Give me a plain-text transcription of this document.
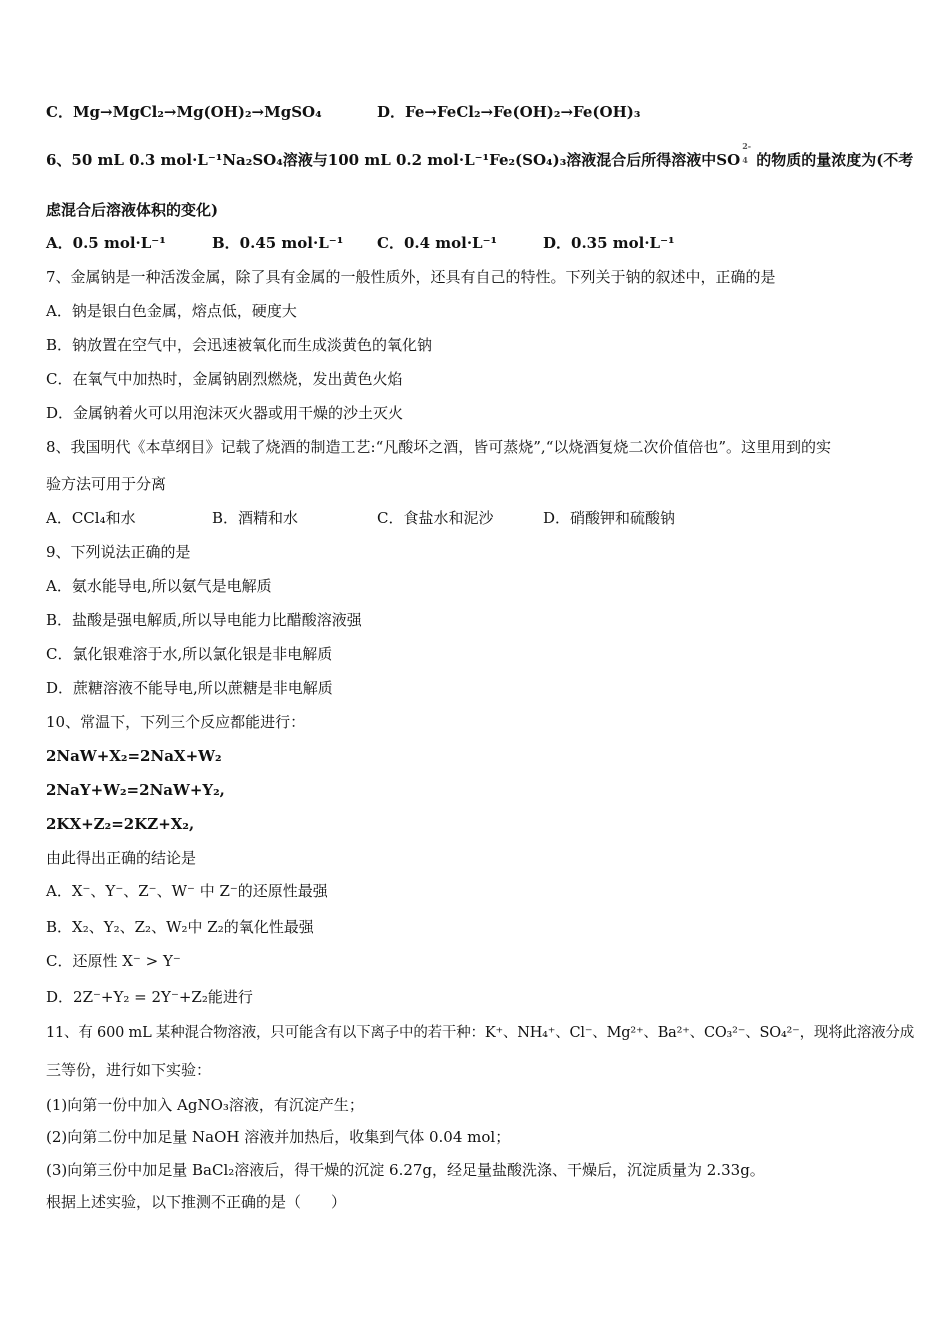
C．Mg→MgCl₂→Mg(OH)₂→MgSO₄	D．Fe→FeCl₂→Fe(OH)₂→Fe(OH)₃
6、50 mL 0.3 mol·L⁻¹Na₂SO₄溶液与100 mL 0.2 mol·L⁻¹Fe₂(SO₄)₃溶液混合后所得溶液中SO
2-
4 的物质的量浓度为(不考
虑混合后溶液体积的变化)
A．0.5 mol·L⁻¹	B．0.45 mol·L⁻¹ C．0.4 mol·L⁻¹	D．0.35 mol·L⁻¹
7、金属钠是一种活泼金属，除了具有金属的一般性质外，还具有自己的特性。下列关于钠的叙述中，正确的是
A．钠是银白色金属，熔点低，硬度大
B．钠放置在空气中，会迅速被氧化而生成淡黄色的氧化钠
C．在氧气中加热时，金属钠剧烈燃烧，发出黄色火焰
D．金属钠着火可以用泡沫灭火器或用干燥的沙土灭火
8、我国明代《本草纲目》记载了烧酒的制造工艺:“凡酸坏之酒，皆可蒸烧”,“以烧酒复烧二次价值倍也”。这里用到的实
验方法可用于分离
A．CCl₄和水	B．酒精和水	C．食盐水和泥沙	D．硝酸钾和硫酸钠
9、下列说法正确的是
A．氨水能导电,所以氨气是电解质
B．盐酸是强电解质,所以导电能力比醋酸溶液强
C．氯化银难溶于水,所以氯化银是非电解质
D．蔗糖溶液不能导电,所以蔗糖是非电解质
10、常温下，下列三个反应都能进行：
2NaW+X₂=2NaX+W₂
2NaY+W₂=2NaW+Y₂,
2KX+Z₂=2KZ+X₂,
由此得出正确的结论是
A．X⁻、Y⁻、Z⁻、W⁻ 中 Z⁻的还原性最强
B．X₂、Y₂、Z₂、W₂中 Z₂的氧化性最强
C．还原性 X⁻ > Y⁻
D．2Z⁻+Y₂ = 2Y⁻+Z₂能进行
11、有 600 mL 某种混合物溶液，只可能含有以下离子中的若干种：K⁺、NH₄⁺、Cl⁻、Mg²⁺、Ba²⁺、CO₃²⁻、SO₄²⁻，现将此溶液分成
三等份，进行如下实验：
(1)向第一份中加入 AgNO₃溶液，有沉淀产生；
(2)向第二份中加足量 NaOH 溶液并加热后，收集到气体 0.04 mol；
(3)向第三份中加足量 BaCl₂溶液后，得干燥的沉淀 6.27g，经足量盐酸洗涤、干燥后，沉淀质量为 2.33g。
根据上述实验，以下推测不正确的是（　　）
